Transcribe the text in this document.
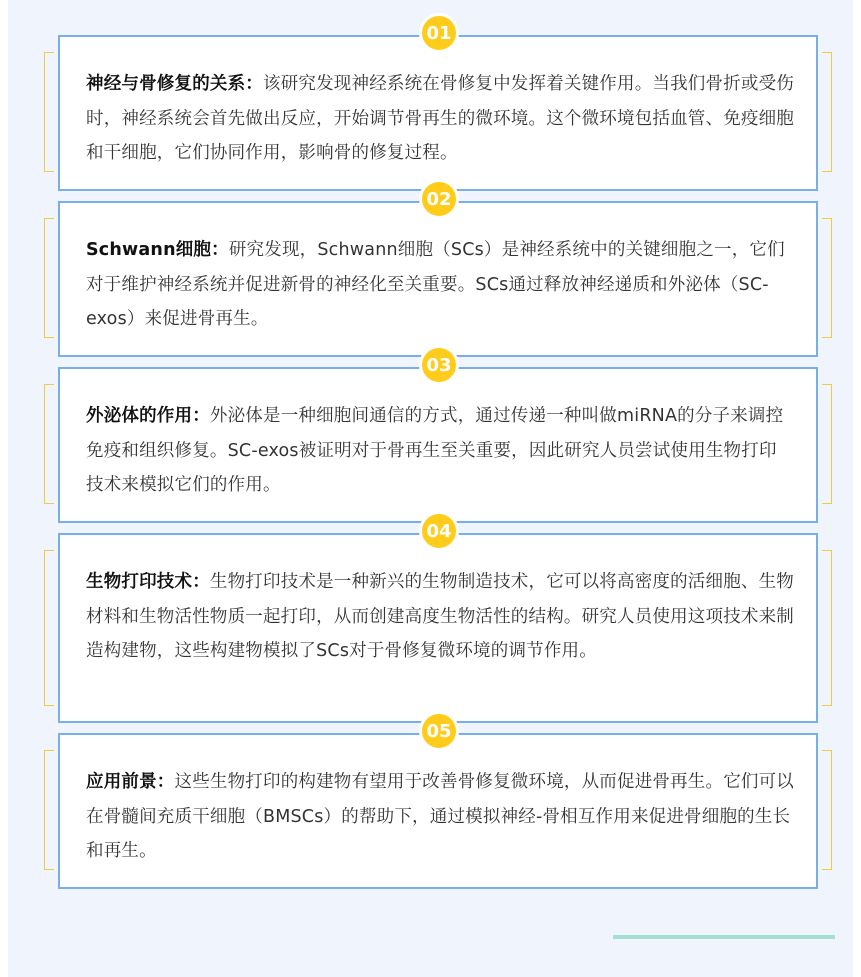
神经与骨修复的关系：该研究发现神经系统在骨修复中发挥着关键作用。当我们骨折或受伤时，神经系统会首先做出反应，开始调节骨再生的微环境。这个微环境包括血管、免疫细胞和干细胞，它们协同作用，影响骨的修复过程。
01
Schwann细胞：研究发现，Schwann细胞（SCs）是神经系统中的关键细胞之一，它们对于维护神经系统并促进新骨的神经化至关重要。SCs通过释放神经递质和外泌体（SC-exos）来促进骨再生。
02
外泌体的作用：外泌体是一种细胞间通信的方式，通过传递一种叫做miRNA的分子来调控免疫和组织修复。SC-exos被证明对于骨再生至关重要，因此研究人员尝试使用生物打印技术来模拟它们的作用。
03
生物打印技术：生物打印技术是一种新兴的生物制造技术，它可以将高密度的活细胞、生物材料和生物活性物质一起打印，从而创建高度生物活性的结构。研究人员使用这项技术来制造构建物，这些构建物模拟了SCs对于骨修复微环境的调节作用。
04
应用前景：这些生物打印的构建物有望用于改善骨修复微环境，从而促进骨再生。它们可以在骨髓间充质干细胞（BMSCs）的帮助下，通过模拟神经-骨相互作用来促进骨细胞的生长和再生。
05
